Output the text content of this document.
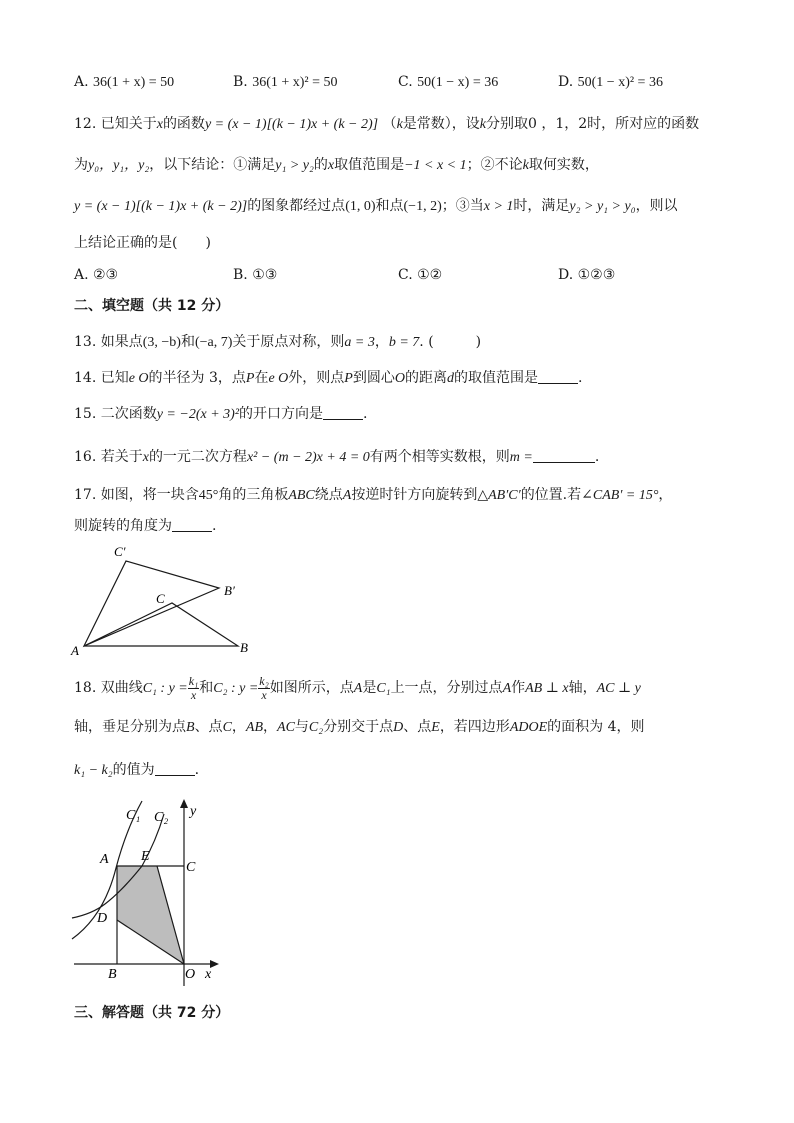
A. 36(1 + x) = 50	B. 36(1 + x)² = 50	C. 50(1 − x) = 36	D. 50(1 − x)² = 36
12. 已知关于x的函数y = (x − 1)[(k − 1)x + (k − 2)] （k是常数），设k分别取0 ，1，2时，所对应的函数
为y₀，y₁，y₂，以下结论：①满足y₁ > y₂的x取值范围是−1 < x < 1；②不论k取何实数，
y = (x − 1)[(k − 1)x + (k − 2)]的图象都经过点(1, 0)和点(−1, 2)；③当x > 1时，满足y₂ > y₁ > y₀，则以
上结论正确的是(　　)
A. ②③	B. ①③	C. ①②	D. ①②③
二、填空题（共 12 分）
13. 如果点(3, −b)和(−a, 7)关于原点对称，则a = 3，b = 7. (　　　)
14. 已知e O的半径为 3，点P在e O外，则点P到圆心O的距离d的取值范围是	.
15. 二次函数y = −2(x + 3)²的开口方向是	.
16. 若关于x的一元二次方程x² − (m − 2)x + 4 = 0有两个相等实数根，则m =	.
17. 如图，将一块含45°角的三角板ABC绕点A按逆时针方向旋转到△AB′C′的位置.若∠CAB′ = 15°，
则旋转的角度为	.
C′
B′
C
A	B
18. 双曲线C₁ : $y = \frac{\text{k₁}}{x}$ 和C₂ : $y = \frac{\text{k₂}}{x}$ 如图所示，点A是C₁上一点，分别过点A作AB ⊥ x轴，AC ⊥ y
轴，垂足分别为点B、点C，AB，AC与C₂分别交于点D、点E，若四边形ADOE的面积为 4，则
k₁ − k₂的值为	.
C₁ C₂ y
A E
C
D
B	O x
三、解答题（共 72 分）
